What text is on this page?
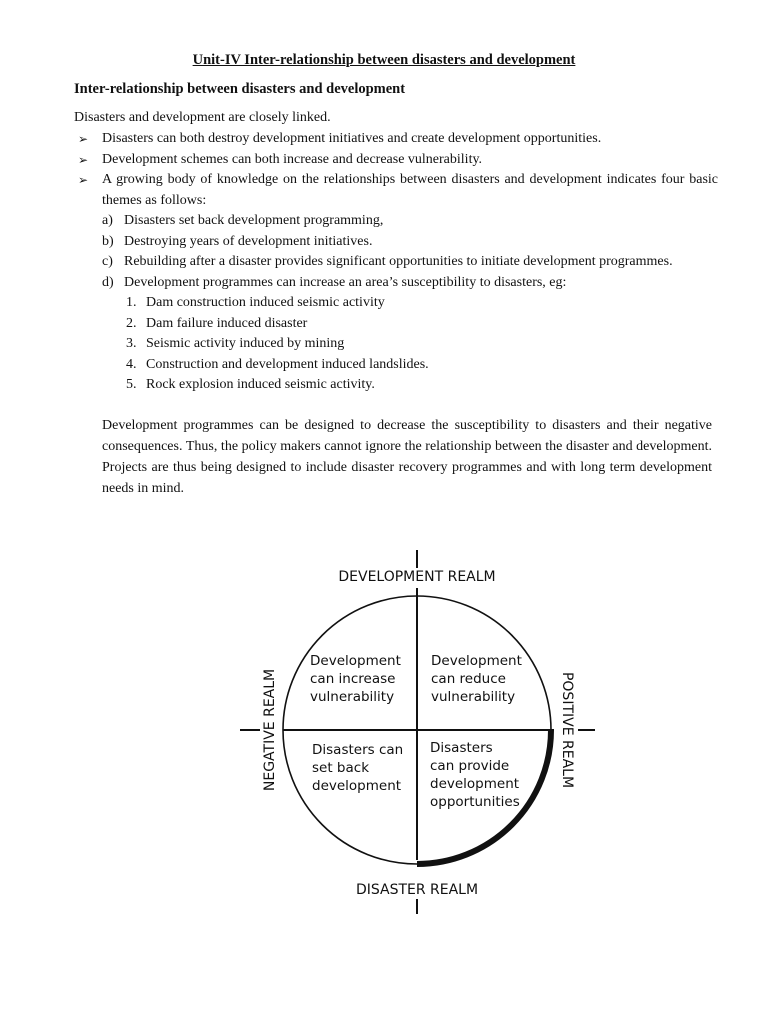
Unit-IV Inter-relationship between disasters and development
Inter-relationship between disasters and development
Disasters and development are closely linked.
➢ Disasters can both destroy development initiatives and create development opportunities.
➢ Development schemes can both increase and decrease vulnerability.
➢ A growing body of knowledge on the relationships between disasters and development indicates four basic themes as follows:
a) Disasters set back development programming,
b) Destroying years of development initiatives.
c) Rebuilding after a disaster provides significant opportunities to initiate development programmes.
d) Development programmes can increase an area’s susceptibility to disasters, eg:
1. Dam construction induced seismic activity
2. Dam failure induced disaster
3. Seismic activity induced by mining
4. Construction and development induced landslides.
5. Rock explosion induced seismic activity.

Development programmes can be designed to decrease the susceptibility to disasters and their negative consequences. Thus, the policy makers cannot ignore the relationship between the disaster and development. Projects are thus being designed to include disaster recovery programmes and with long term development needs in mind.

DEVELOPMENT REALM
DISASTER REALM
NEGATIVE REALM	POSITIVE REALM
Development
can increase
vulnerability
Development
can reduce
vulnerability
Disasters can
set back
development
Disasters
can provide
development
opportunities
